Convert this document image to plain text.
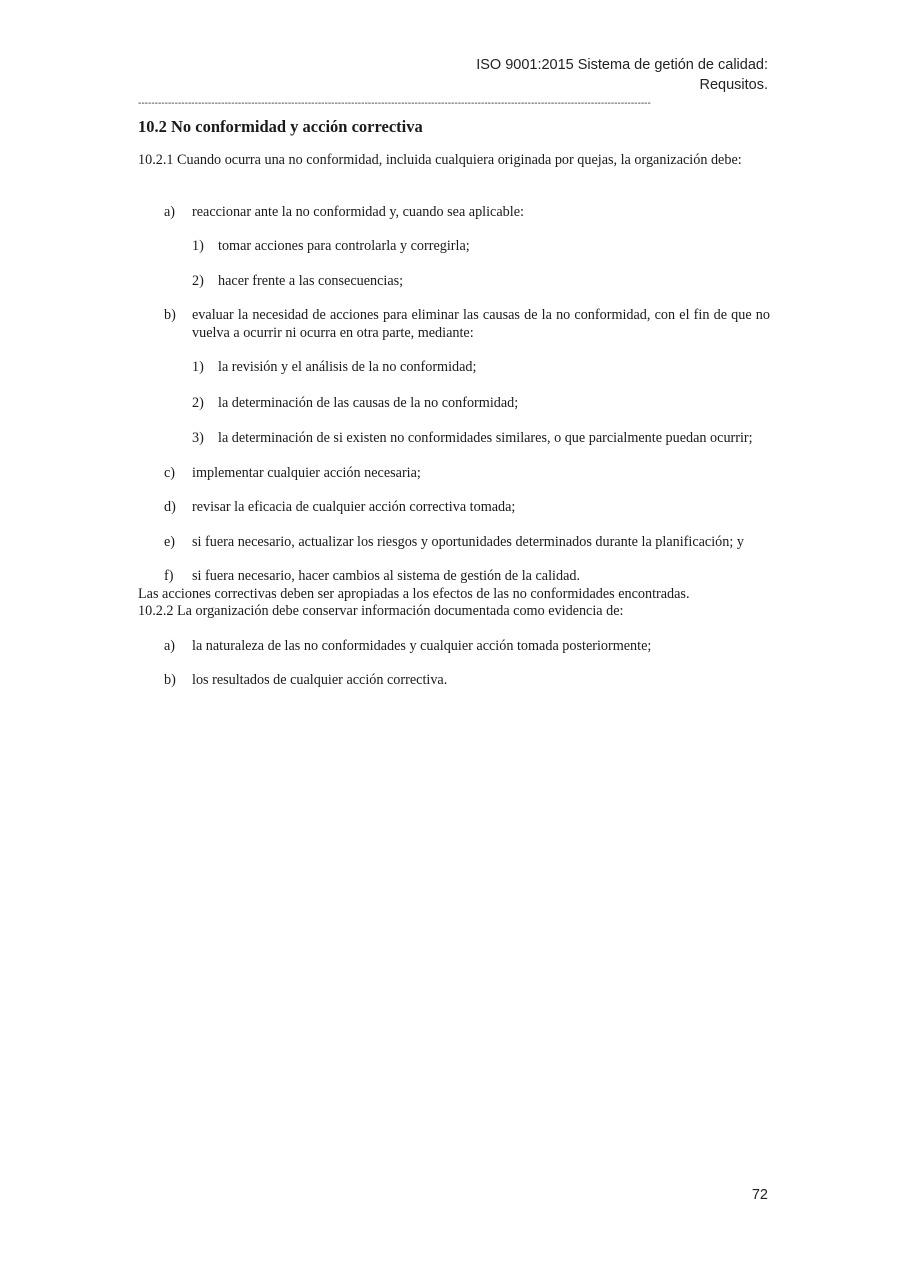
ISO 9001:2015 Sistema de getión de calidad:
Requsitos.
----------------------------------------------------------------------------------------------------------------------------------------------------------
10.2 No conformidad y acción correctiva

10.2.1 Cuando ocurra una no conformidad, incluida cualquiera originada por quejas, la organización debe:

a)	reaccionar ante la no conformidad y, cuando sea aplicable:
1) tomar acciones para controlarla y corregirla;
2) hacer frente a las consecuencias;
b)	evaluar la necesidad de acciones para eliminar las causas de la no conformidad, con el fin de que no vuelva a ocurrir ni ocurra en otra parte, mediante:
1) la revisión y el análisis de la no conformidad;
2) la determinación de las causas de la no conformidad;
3) la determinación de si existen no conformidades similares, o que parcialmente puedan ocurrir;
c)	implementar cualquier acción necesaria;
d)	revisar la eficacia de cualquier acción correctiva tomada;
e)	si fuera necesario, actualizar los riesgos y oportunidades determinados durante la planificación; y
f)	si fuera necesario, hacer cambios al sistema de gestión de la calidad.

Las acciones correctivas deben ser apropiadas a los efectos de las no conformidades encontradas.

10.2.2 La organización debe conservar información documentada como evidencia de:

a)	la naturaleza de las no conformidades y cualquier acción tomada posteriormente;
b)	los resultados de cualquier acción correctiva.
72
